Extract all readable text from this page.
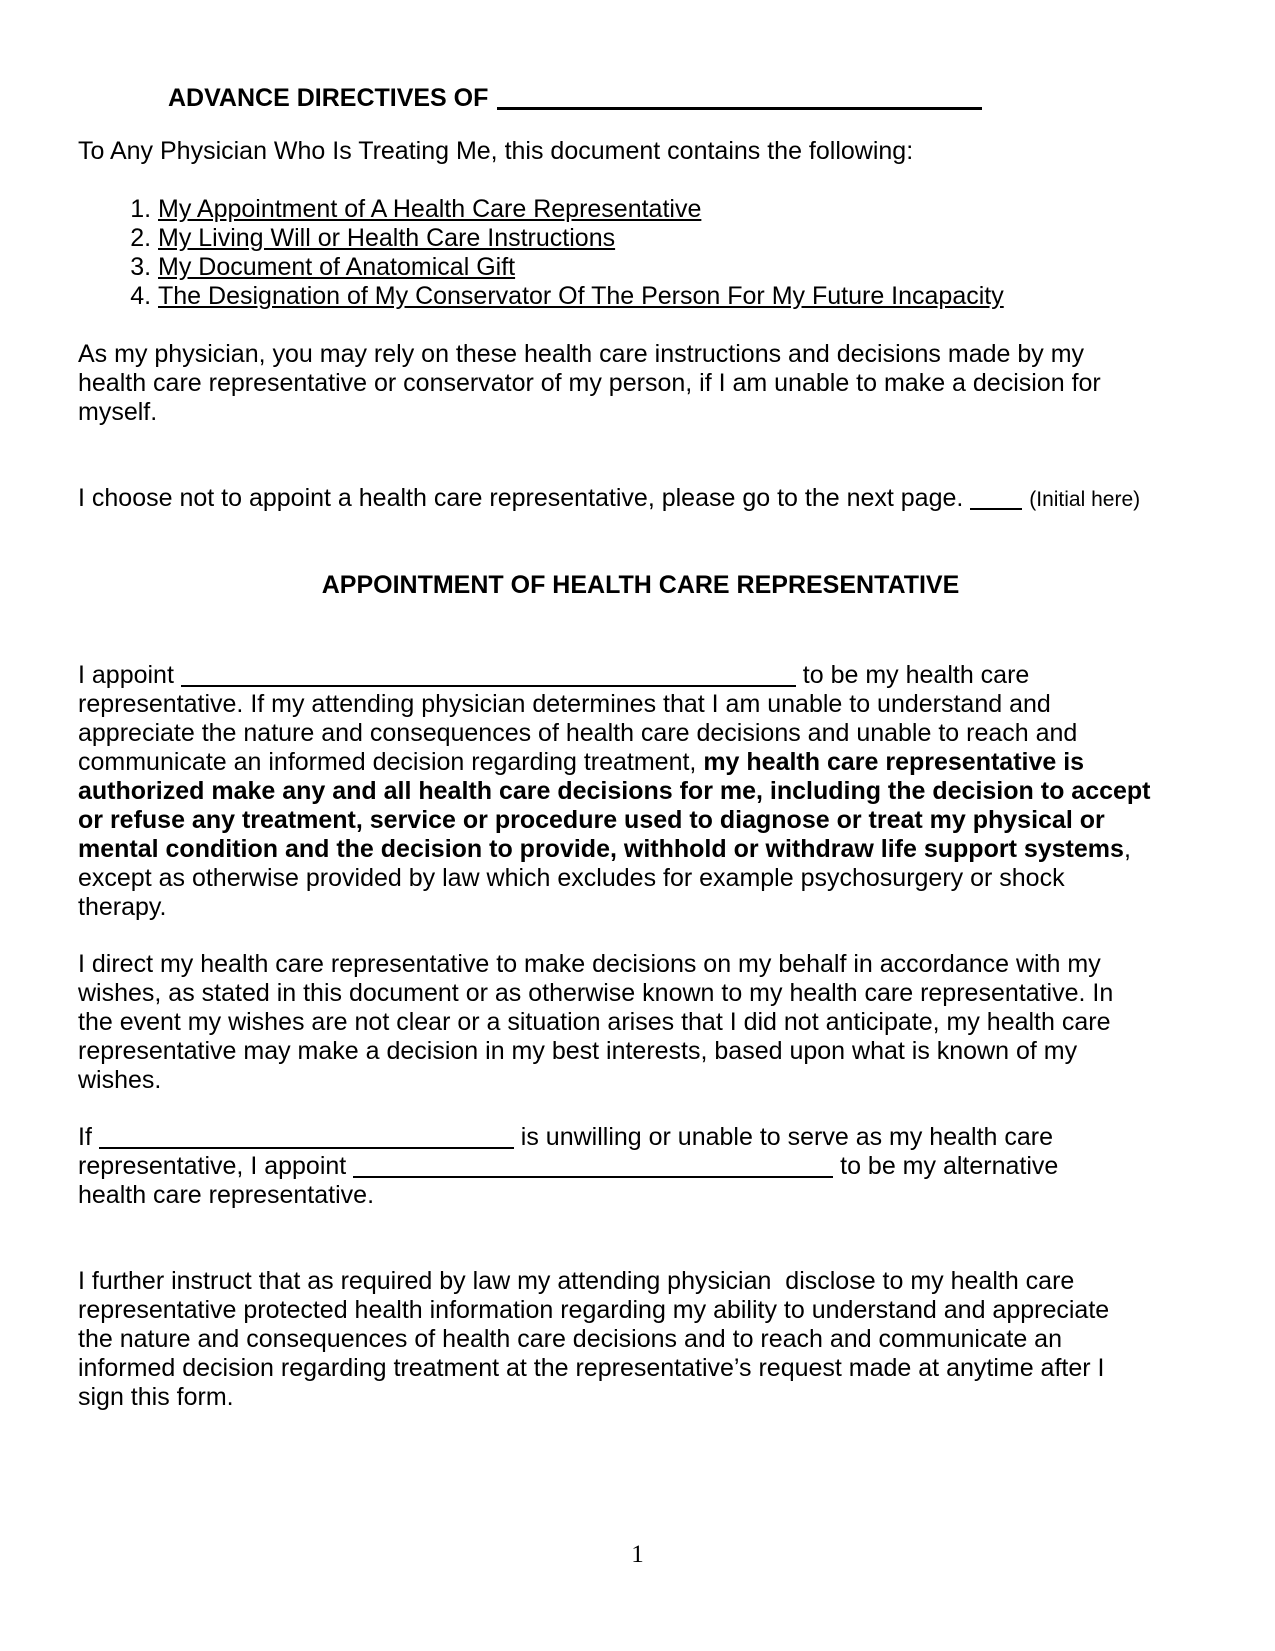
ADVANCE DIRECTIVES OF

To Any Physician Who Is Treating Me, this document contains the following:

1. My Appointment of A Health Care Representative
2. My Living Will or Health Care Instructions
3. My Document of Anatomical Gift
4. The Designation of My Conservator Of The Person For My Future Incapacity

As my physician, you may rely on these health care instructions and decisions made by my
health care representative or conservator of my person, if I am unable to make a decision for
myself.

I choose not to appoint a health care representative, please go to the next page.	(Initial here)

APPOINTMENT OF HEALTH CARE REPRESENTATIVE

I appoint	to be my health care
representative. If my attending physician determines that I am unable to understand and
appreciate the nature and consequences of health care decisions and unable to reach and
communicate an informed decision regarding treatment, my health care representative is
authorized make any and all health care decisions for me, including the decision to accept
or refuse any treatment, service or procedure used to diagnose or treat my physical or
mental condition and the decision to provide, withhold or withdraw life support systems,
except as otherwise provided by law which excludes for example psychosurgery or shock
therapy.

I direct my health care representative to make decisions on my behalf in accordance with my
wishes, as stated in this document or as otherwise known to my health care representative. In
the event my wishes are not clear or a situation arises that I did not anticipate, my health care
representative may make a decision in my best interests, based upon what is known of my
wishes.

If	is unwilling or unable to serve as my health care
representative, I appoint	to be my alternative
health care representative.

I further instruct that as required by law my attending physician  disclose to my health care
representative protected health information regarding my ability to understand and appreciate
the nature and consequences of health care decisions and to reach and communicate an
informed decision regarding treatment at the representative’s request made at anytime after I
sign this form.

1
